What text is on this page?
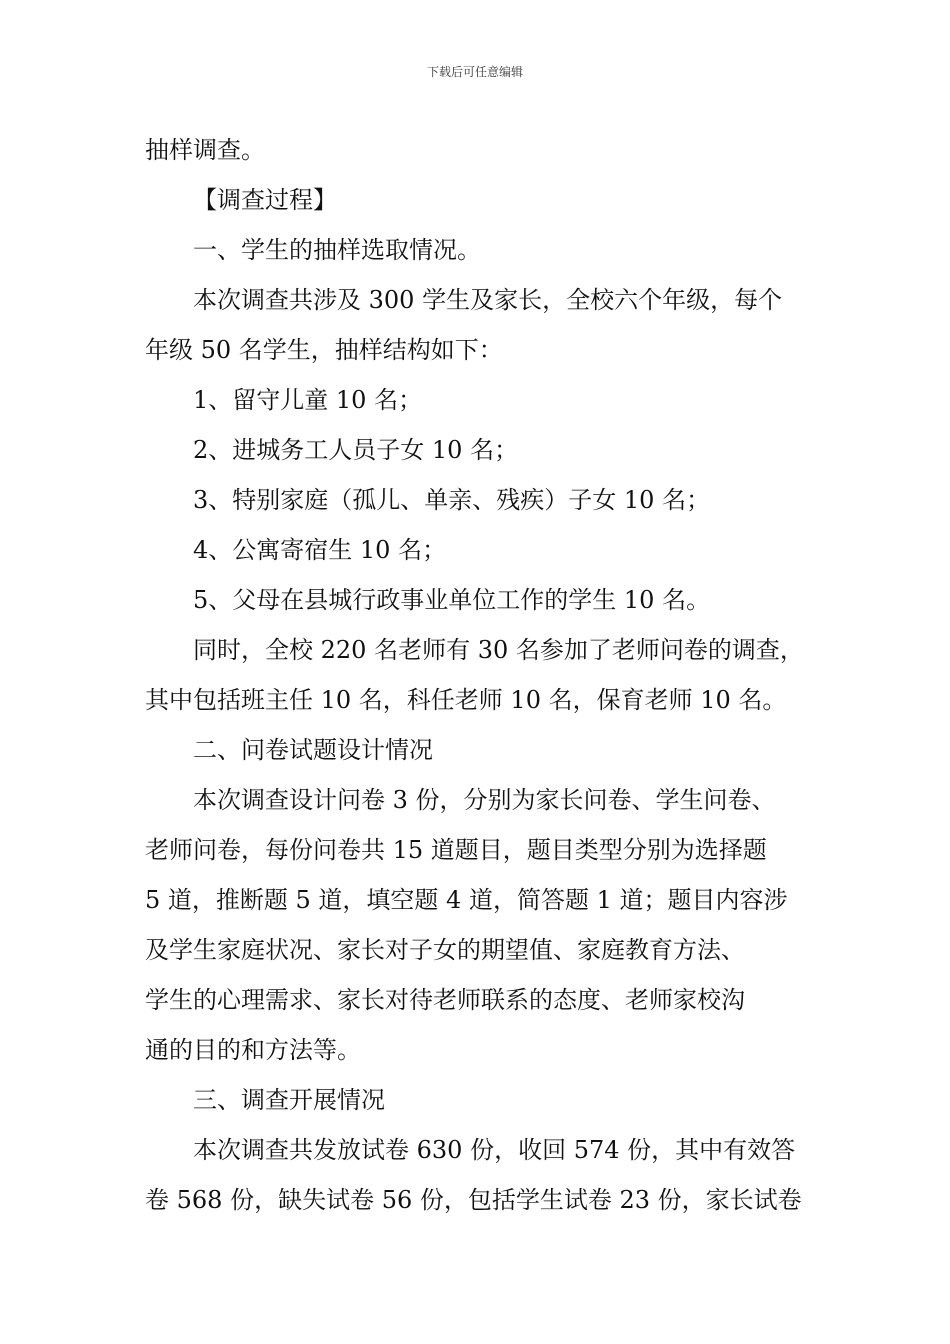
下载后可任意编辑
抽样调查。
【调查过程】
一、学生的抽样选取情况。
本次调查共涉及 300 学生及家长，全校六个年级，每个
年级 50 名学生，抽样结构如下：
1、留守儿童 10 名；
2、进城务工人员子女 10 名；
3、特别家庭（孤儿、单亲、残疾）子女 10 名；
4、公寓寄宿生 10 名；
5、父母在县城行政事业单位工作的学生 10 名。
同时，全校 220 名老师有 30 名参加了老师问卷的调查，
其中包括班主任 10 名，科任老师 10 名，保育老师 10 名。
二、问卷试题设计情况
本次调查设计问卷 3 份，分别为家长问卷、学生问卷、
老师问卷，每份问卷共 15 道题目，题目类型分别为选择题
5 道，推断题 5 道，填空题 4 道，简答题 1 道；题目内容涉
及学生家庭状况、家长对子女的期望值、家庭教育方法、
学生的心理需求、家长对待老师联系的态度、老师家校沟
通的目的和方法等。
三、调查开展情况
本次调查共发放试卷 630 份，收回 574 份，其中有效答
卷 568 份，缺失试卷 56 份，包括学生试卷 23 份，家长试卷
